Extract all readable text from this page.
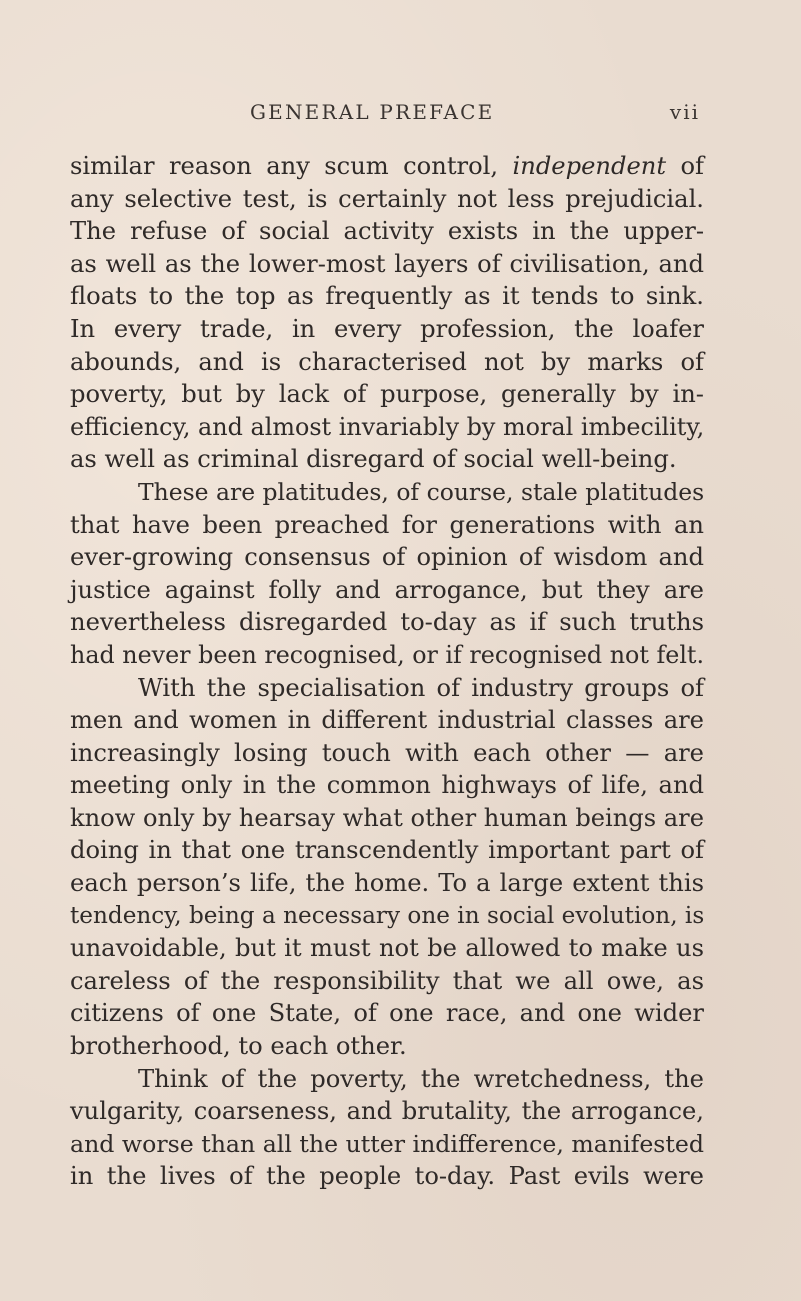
GENERAL PREFACE	vii
similar reason any scum control, independent of
any selective test, is certainly not less prejudicial.
The refuse of social activity exists in the upper-
as well as the lower-most layers of civilisation, and
floats to the top as frequently as it tends to sink.
In every trade, in every profession, the loafer
abounds, and is characterised not by marks of
poverty, but by lack of purpose, generally by in-
efficiency, and almost invariably by moral imbecility,
as well as criminal disregard of social well-being.
These are platitudes, of course, stale platitudes
that have been preached for generations with an
ever-growing consensus of opinion of wisdom and
justice against folly and arrogance, but they are
nevertheless disregarded to-day as if such truths
had never been recognised, or if recognised not felt.
With the specialisation of industry groups of
men and women in different industrial classes are
increasingly losing touch with each other — are
meeting only in the common highways of life, and
know only by hearsay what other human beings are
doing in that one transcendently important part of
each person’s life, the home. To a large extent this
tendency, being a necessary one in social evolution, is
unavoidable, but it must not be allowed to make us
careless of the responsibility that we all owe, as
citizens of one State, of one race, and one wider
brotherhood, to each other.
Think of the poverty, the wretchedness, the
vulgarity, coarseness, and brutality, the arrogance,
and worse than all the utter indifference, manifested
in the lives of the people to-day. Past evils were
